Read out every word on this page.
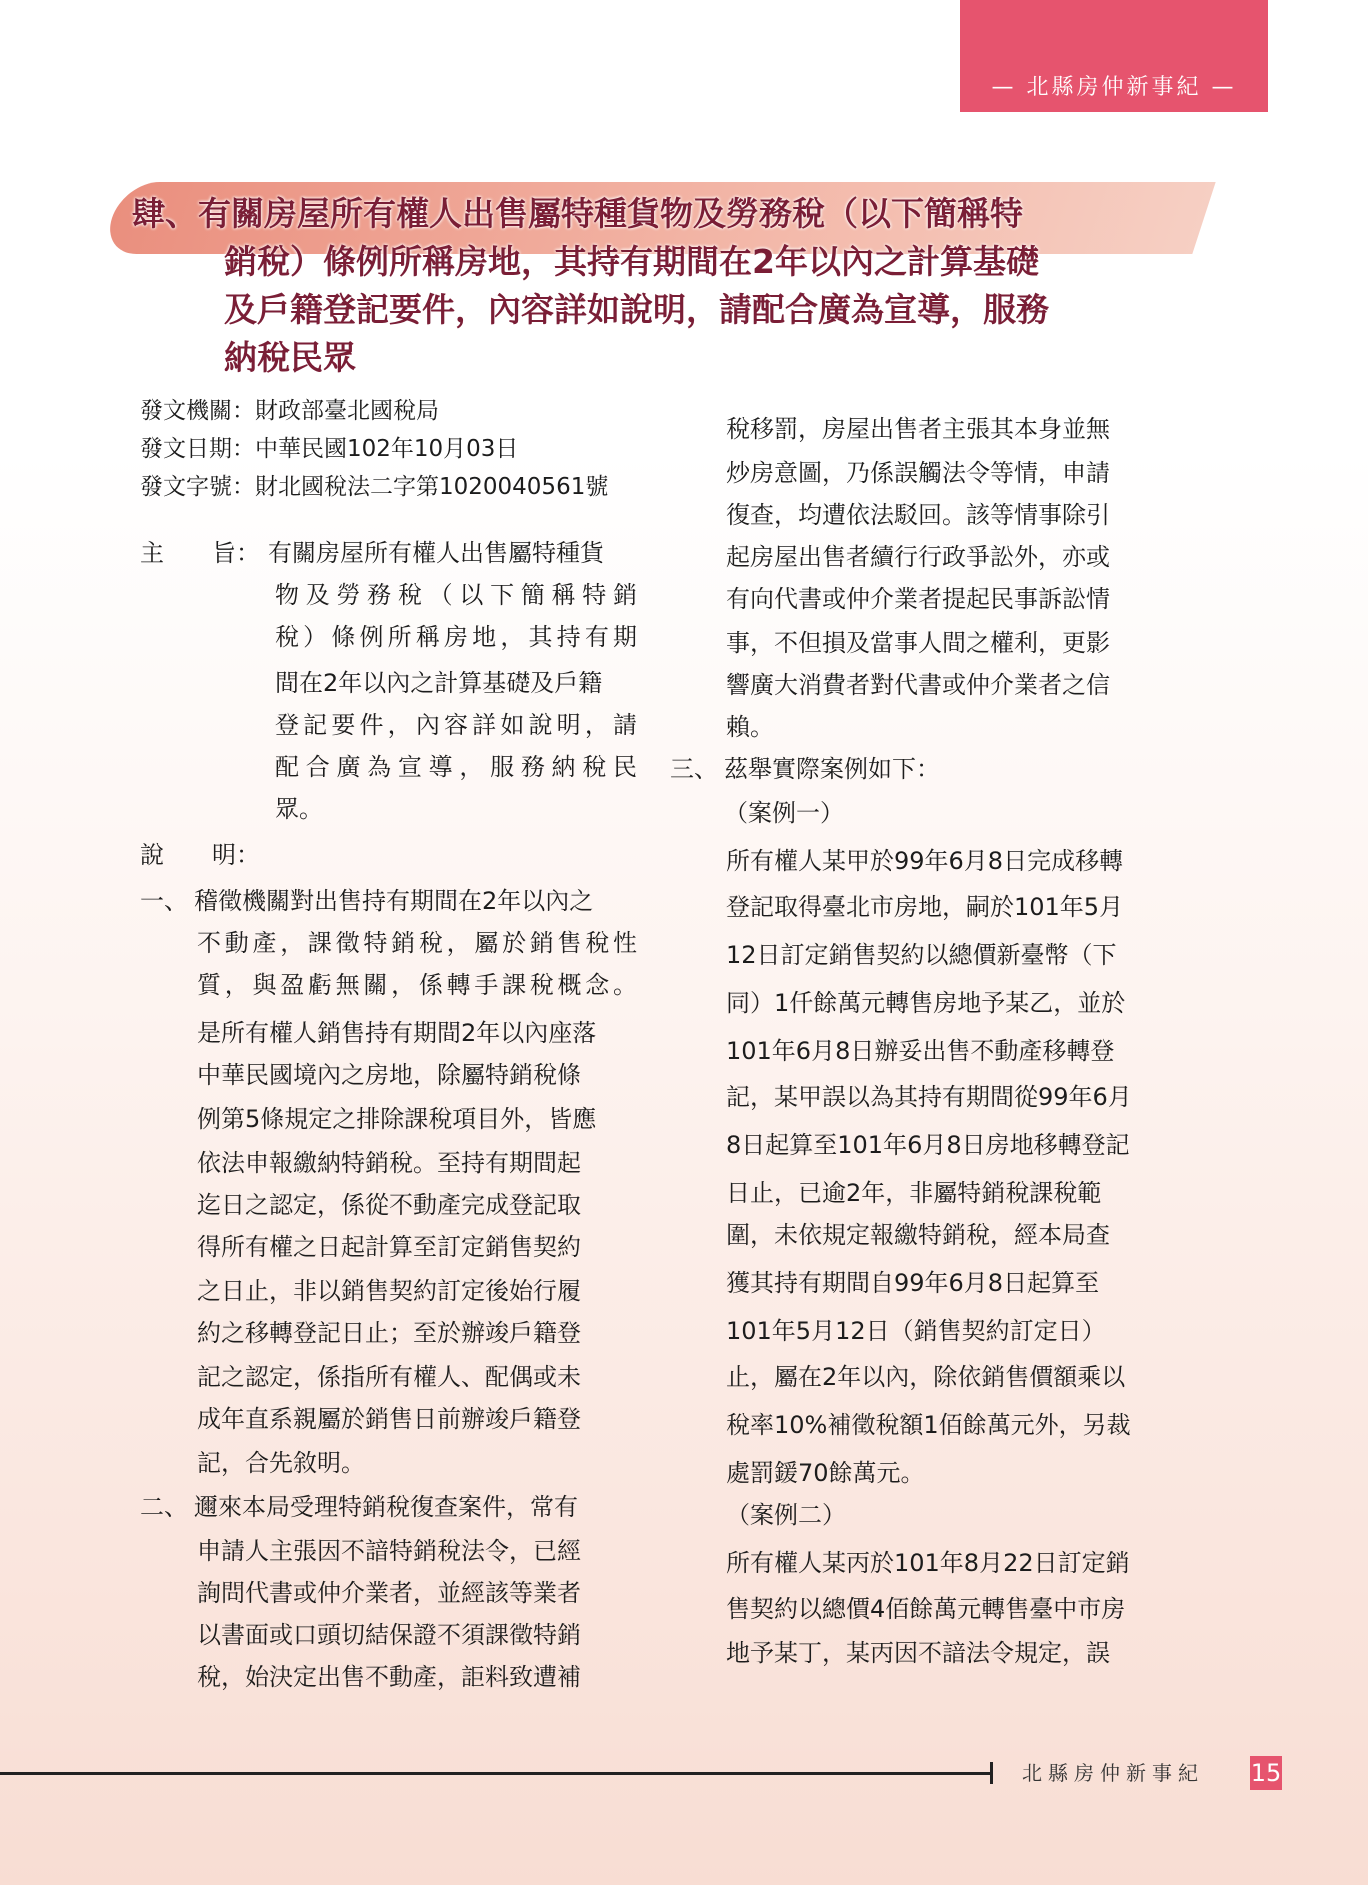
— 北縣房仲新事紀 —
肆、有關房屋所有權人出售屬特種貨物及勞務稅（以下簡稱特
銷稅）條例所稱房地，其持有期間在2年以內之計算基礎
及戶籍登記要件，內容詳如說明，請配合廣為宣導，服務
納稅民眾
發文機關：財政部臺北國稅局
發文日期：中華民國102年10月03日
發文字號：財北國稅法二字第1020040561號
主　　旨： 有關房屋所有權人出售屬特種貨
物及勞務稅（以下簡稱特銷
稅）條例所稱房地，其持有期
間在2年以內之計算基礎及戶籍
登記要件，內容詳如說明，請
配合廣為宣導，服務納稅民
眾。
說　　明：
一、 稽徵機關對出售持有期間在2年以內之
不動產，課徵特銷稅，屬於銷售稅性
質，與盈虧無關，係轉手課稅概念。
是所有權人銷售持有期間2年以內座落
中華民國境內之房地，除屬特銷稅條
例第5條規定之排除課稅項目外，皆應
依法申報繳納特銷稅。至持有期間起
迄日之認定，係從不動產完成登記取
得所有權之日起計算至訂定銷售契約
之日止，非以銷售契約訂定後始行履
約之移轉登記日止；至於辦竣戶籍登
記之認定，係指所有權人、配偶或未
成年直系親屬於銷售日前辦竣戶籍登
記，合先敘明。
二、 邇來本局受理特銷稅復查案件，常有
申請人主張因不諳特銷稅法令，已經
詢問代書或仲介業者，並經該等業者
以書面或口頭切結保證不須課徵特銷
稅，始決定出售不動產，詎料致遭補
稅移罰，房屋出售者主張其本身並無
炒房意圖，乃係誤觸法令等情，申請
復查，均遭依法駁回。該等情事除引
起房屋出售者續行行政爭訟外，亦或
有向代書或仲介業者提起民事訴訟情
事，不但損及當事人間之權利，更影
響廣大消費者對代書或仲介業者之信
賴。
三、 茲舉實際案例如下：
（案例一）
所有權人某甲於99年6月8日完成移轉
登記取得臺北市房地，嗣於101年5月
12日訂定銷售契約以總價新臺幣（下
同）1仟餘萬元轉售房地予某乙，並於
101年6月8日辦妥出售不動產移轉登
記，某甲誤以為其持有期間從99年6月
8日起算至101年6月8日房地移轉登記
日止，已逾2年，非屬特銷稅課稅範
圍，未依規定報繳特銷稅，經本局查
獲其持有期間自99年6月8日起算至
101年5月12日（銷售契約訂定日）
止，屬在2年以內，除依銷售價額乘以
稅率10%補徵稅額1佰餘萬元外，另裁
處罰鍰70餘萬元。
（案例二）
所有權人某丙於101年8月22日訂定銷
售契約以總價4佰餘萬元轉售臺中市房
地予某丁，某丙因不諳法令規定，誤
北縣房仲新事紀 15
